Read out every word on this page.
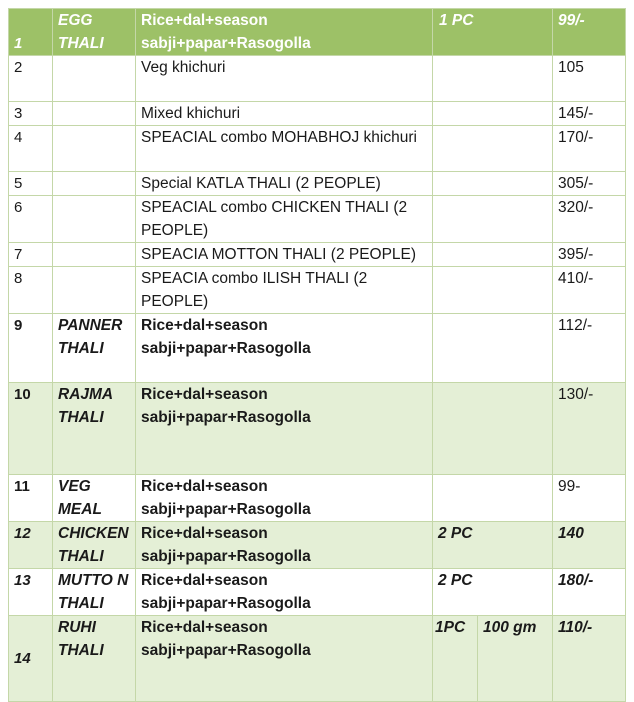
1	EGG THALI	Rice+dal+season sabji+papar+Rasogolla	1 PC		99/-
2		Veg khichuri			105
3		Mixed khichuri			145/-
4		SPEACIAL combo MOHABHOJ khichuri			170/-
5		Special KATLA THALI (2 PEOPLE)			305/-
6		SPEACIAL combo CHICKEN THALI (2 PEOPLE)			320/-
7		SPEACIA MOTTON THALI (2 PEOPLE)			395/-
8		SPEACIA combo ILISH THALI (2 PEOPLE)			410/-
9	PANNER THALI	Rice+dal+season sabji+papar+Rasogolla			112/-
10	RAJMA THALI	Rice+dal+season sabji+papar+Rasogolla			130/-
11	VEG MEAL	Rice+dal+season sabji+papar+Rasogolla			99-
12	CHICKEN THALI	Rice+dal+season sabji+papar+Rasogolla	2 PC		140
13	MUTTO N THALI	Rice+dal+season sabji+papar+Rasogolla	2 PC		180/-
14	RUHI THALI	Rice+dal+season sabji+papar+Rasogolla	1PC	100 gm	110/-
